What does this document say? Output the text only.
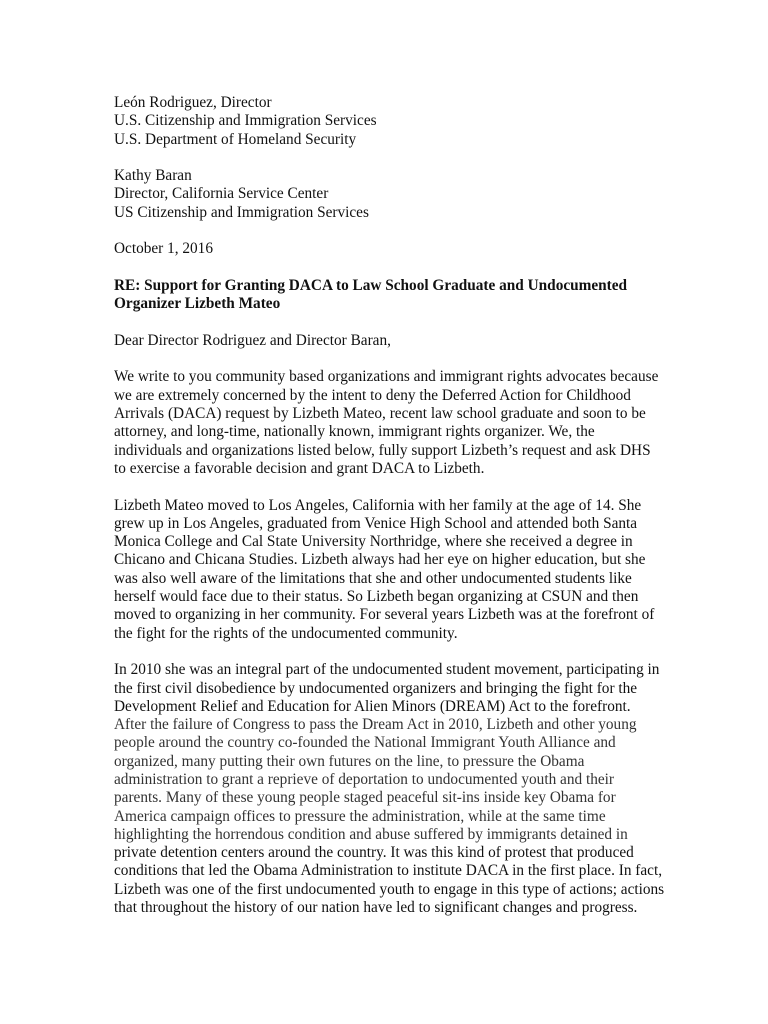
León Rodriguez, Director
U.S. Citizenship and Immigration Services
U.S. Department of Homeland Security
Kathy Baran
Director, California Service Center
US Citizenship and Immigration Services
October 1, 2016
RE: Support for Granting DACA to Law School Graduate and Undocumented
Organizer Lizbeth Mateo
Dear Director Rodriguez and Director Baran,
We write to you community based organizations and immigrant rights advocates because
we are extremely concerned by the intent to deny the Deferred Action for Childhood
Arrivals (DACA) request by Lizbeth Mateo, recent law school graduate and soon to be
attorney, and long-time, nationally known, immigrant rights organizer. We, the
individuals and organizations listed below, fully support Lizbeth’s request and ask DHS
to exercise a favorable decision and grant DACA to Lizbeth.
Lizbeth Mateo moved to Los Angeles, California with her family at the age of 14. She
grew up in Los Angeles, graduated from Venice High School and attended both Santa
Monica College and Cal State University Northridge, where she received a degree in
Chicano and Chicana Studies. Lizbeth always had her eye on higher education, but she
was also well aware of the limitations that she and other undocumented students like
herself would face due to their status. So Lizbeth began organizing at CSUN and then
moved to organizing in her community. For several years Lizbeth was at the forefront of
the fight for the rights of the undocumented community.
In 2010 she was an integral part of the undocumented student movement, participating in
the first civil disobedience by undocumented organizers and bringing the fight for the
Development Relief and Education for Alien Minors (DREAM) Act to the forefront.
After the failure of Congress to pass the Dream Act in 2010, Lizbeth and other young
people around the country co-founded the National Immigrant Youth Alliance and
organized, many putting their own futures on the line, to pressure the Obama
administration to grant a reprieve of deportation to undocumented youth and their
parents. Many of these young people staged peaceful sit-ins inside key Obama for
America campaign offices to pressure the administration, while at the same time
highlighting the horrendous condition and abuse suffered by immigrants detained in
private detention centers around the country. It was this kind of protest that produced
conditions that led the Obama Administration to institute DACA in the first place. In fact,
Lizbeth was one of the first undocumented youth to engage in this type of actions; actions
that throughout the history of our nation have led to significant changes and progress.
